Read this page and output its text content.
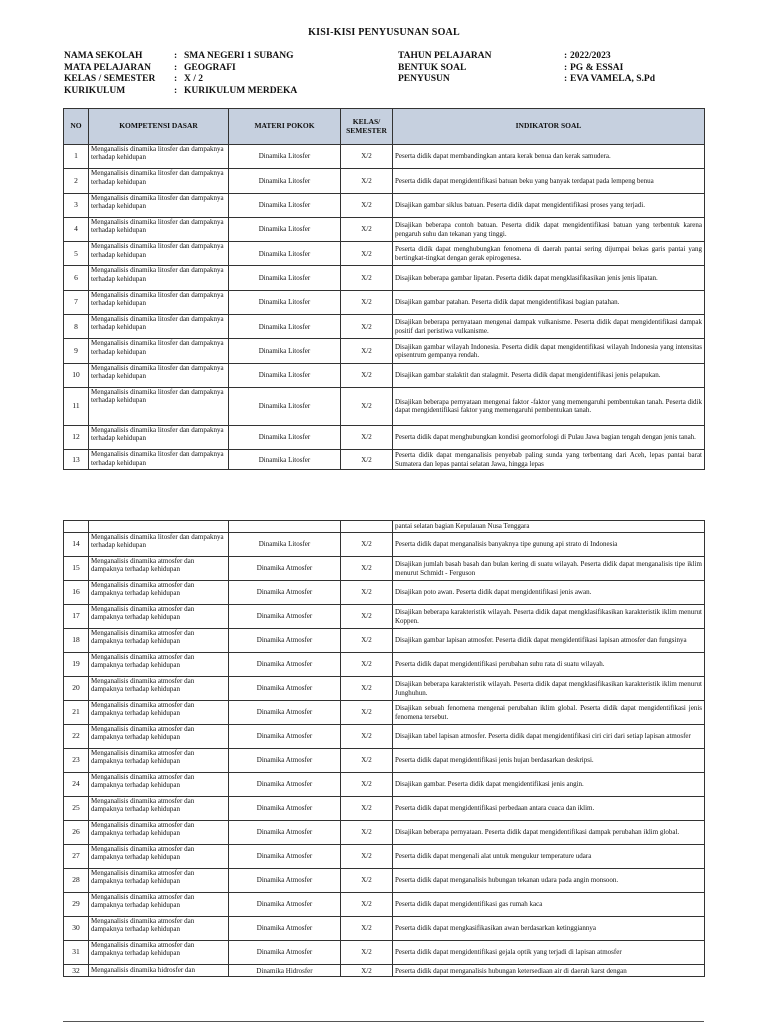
KISI-KISI PENYUSUNAN SOAL
NAMA SEKOLAH	: SMA NEGERI 1 SUBANG
MATA PELAJARAN	: GEOGRAFI
KELAS / SEMESTER	: X / 2
KURIKULUM	: KURIKULUM MERDEKA
TAHUN PELAJARAN	: 2022/2023
BENTUK SOAL	: PG & ESSAI
PENYUSUN	: EVA VAMELA, S.Pd
NO	KOMPETENSI DASAR	MATERI POKOK	KELAS/ SEMESTER	INDIKATOR SOAL
1	Menganalisis dinamika litosfer dan dampaknya terhadap kehidupan	Dinamika Litosfer	X/2	Peserta didik dapat membandingkan antara kerak benua dan kerak samudera.
2	Menganalisis dinamika litosfer dan dampaknya terhadap kehidupan	Dinamika Litosfer	X/2	Peserta didik dapat mengidentifikasi batuan beku yang banyak terdapat pada lempeng benua
3	Menganalisis dinamika litosfer dan dampaknya terhadap kehidupan	Dinamika Litosfer	X/2	Disajikan gambar siklus batuan. Peserta didik dapat mengidentifikasi proses yang terjadi.
4	Menganalisis dinamika litosfer dan dampaknya terhadap kehidupan	Dinamika Litosfer	X/2	Disajikan beberapa contoh batuan. Peserta didik dapat mengidentifikasi batuan yang terbentuk karena pengaruh suhu dan tekanan yang tinggi.
5	Menganalisis dinamika litosfer dan dampaknya terhadap kehidupan	Dinamika Litosfer	X/2	Peserta didik dapat menghubungkan fenomena di daerah pantai sering dijumpai bekas garis pantai yang bertingkat-tingkat dengan gerak epirogenesa.
6	Menganalisis dinamika litosfer dan dampaknya terhadap kehidupan	Dinamika Litosfer	X/2	Disajikan beberapa gambar lipatan. Peserta didik dapat mengklasifikasikan jenis jenis lipatan.
7	Menganalisis dinamika litosfer dan dampaknya terhadap kehidupan	Dinamika Litosfer	X/2	Disajikan gambar patahan. Peserta didik dapat mengidentifikasi bagian patahan.
8	Menganalisis dinamika litosfer dan dampaknya terhadap kehidupan	Dinamika Litosfer	X/2	Disajikan beberapa pernyataan mengenai dampak vulkanisme. Peserta didik dapat mengidentifikasi dampak positif dari peristiwa vulkanisme.
9	Menganalisis dinamika litosfer dan dampaknya terhadap kehidupan	Dinamika Litosfer	X/2	Disajikan gambar wilayah Indonesia. Peserta didik dapat mengidentifikasi wilayah Indonesia yang intensitas episentrum gempanya rendah.
10	Menganalisis dinamika litosfer dan dampaknya terhadap kehidupan	Dinamika Litosfer	X/2	Disajikan gambar stalaktit dan stalagmit. Peserta didik dapat mengidentifikasi jenis pelapukan.
11	Menganalisis dinamika litosfer dan dampaknya terhadap kehidupan	Dinamika Litosfer	X/2	Disajikan beberapa pernyataan mengenai faktor -faktor yang memengaruhi pembentukan tanah. Peserta didik dapat mengidentifikasi faktor yang memengaruhi pembentukan tanah.
12	Menganalisis dinamika litosfer dan dampaknya terhadap kehidupan	Dinamika Litosfer	X/2	Peserta didik dapat menghubungkan kondisi geomorfologi di Pulau Jawa bagian tengah dengan jenis tanah.
13	Menganalisis dinamika litosfer dan dampaknya terhadap kehidupan	Dinamika Litosfer	X/2	Peserta didik dapat menganalisis penyebab paling sunda yang terbentang dari Aceh, lepas pantai barat Sumatera dan lepas pantai selatan Jawa, hingga lepas
				pantai selatan bagian Kepulauan Nusa Tenggara
14	Menganalisis dinamika litosfer dan dampaknya terhadap kehidupan	Dinamika Litosfer	X/2	Peserta didik dapat menganalisis banyaknya tipe gunung api strato di Indonesia
15	Menganalisis dinamika atmosfer dan dampaknya terhadap kehidupan	Dinamika Atmosfer	X/2	Disajikan jumlah basah basah dan bulan kering di suatu wilayah. Peserta didik dapat menganalisis tipe iklim menurut Schmidt - Ferguson
16	Menganalisis dinamika atmosfer dan dampaknya terhadap kehidupan	Dinamika Atmosfer	X/2	Disajikan poto awan. Peserta didik dapat mengidentifikasi jenis awan.
17	Menganalisis dinamika atmosfer dan dampaknya terhadap kehidupan	Dinamika Atmosfer	X/2	Disajikan beberapa karakteristik wilayah. Peserta didik dapat mengklasifikasikan karakteristik iklim menurut Koppen.
18	Menganalisis dinamika atmosfer dan dampaknya terhadap kehidupan	Dinamika Atmosfer	X/2	Disajikan gambar lapisan atmosfer. Peserta didik dapat mengidentifikasi lapisan atmosfer dan fungsinya
19	Menganalisis dinamika atmosfer dan dampaknya terhadap kehidupan	Dinamika Atmosfer	X/2	Peserta didik dapat mengidentifikasi perubahan suhu rata di suatu wilayah.
20	Menganalisis dinamika atmosfer dan dampaknya terhadap kehidupan	Dinamika Atmosfer	X/2	Disajikan beberapa karakteristik wilayah. Peserta didik dapat mengklasifikasikan karakteristik iklim menurut Junghuhun.
21	Menganalisis dinamika atmosfer dan dampaknya terhadap kehidupan	Dinamika Atmosfer	X/2	Disajikan sebuah fenomena mengenai perubahan iklim global. Peserta didik dapat mengidentifikasi jenis fenomena tersebut.
22	Menganalisis dinamika atmosfer dan dampaknya terhadap kehidupan	Dinamika Atmosfer	X/2	Disajikan tabel lapisan atmosfer. Peserta didik dapat mengidentifikasi ciri ciri dari setiap lapisan atmosfer
23	Menganalisis dinamika atmosfer dan dampaknya terhadap kehidupan	Dinamika Atmosfer	X/2	Peserta didik dapat mengidentifikasi jenis hujan berdasarkan deskripsi.
24	Menganalisis dinamika atmosfer dan dampaknya terhadap kehidupan	Dinamika Atmosfer	X/2	Disajikan gambar. Peserta didik dapat mengidentifikasi jenis angin.
25	Menganalisis dinamika atmosfer dan dampaknya terhadap kehidupan	Dinamika Atmosfer	X/2	Peserta didik dapat mengidentifikasi perbedaan antara cuaca dan iklim.
26	Menganalisis dinamika atmosfer dan dampaknya terhadap kehidupan	Dinamika Atmosfer	X/2	Disajikan beberapa pernyataan. Peserta didik dapat mengidentifikasi dampak perubahan iklim global.
27	Menganalisis dinamika atmosfer dan dampaknya terhadap kehidupan	Dinamika Atmosfer	X/2	Peserta didik dapat mengenali alat untuk mengukur temperature udara
28	Menganalisis dinamika atmosfer dan dampaknya terhadap kehidupan	Dinamika Atmosfer	X/2	Peserta didik dapat menganalisis hubungan tekanan udara pada angin monsoon.
29	Menganalisis dinamika atmosfer dan dampaknya terhadap kehidupan	Dinamika Atmosfer	X/2	Peserta didik dapat mengidentifikasi gas rumah kaca
30	Menganalisis dinamika atmosfer dan dampaknya terhadap kehidupan	Dinamika Atmosfer	X/2	Peserta didik dapat mengkasifikasikan awan berdasarkan ketinggiannya
31	Menganalisis dinamika atmosfer dan dampaknya terhadap kehidupan	Dinamika Atmosfer	X/2	Peserta didik dapat mengidentifikasi gejala optik yang terjadi di lapisan atmosfer
32	Menganalisis dinamika hidrosfer dan	Dinamika Hidrosfer	X/2	Peserta didik dapat menganalisis hubungan ketersediaan air di daerah karst dengan
